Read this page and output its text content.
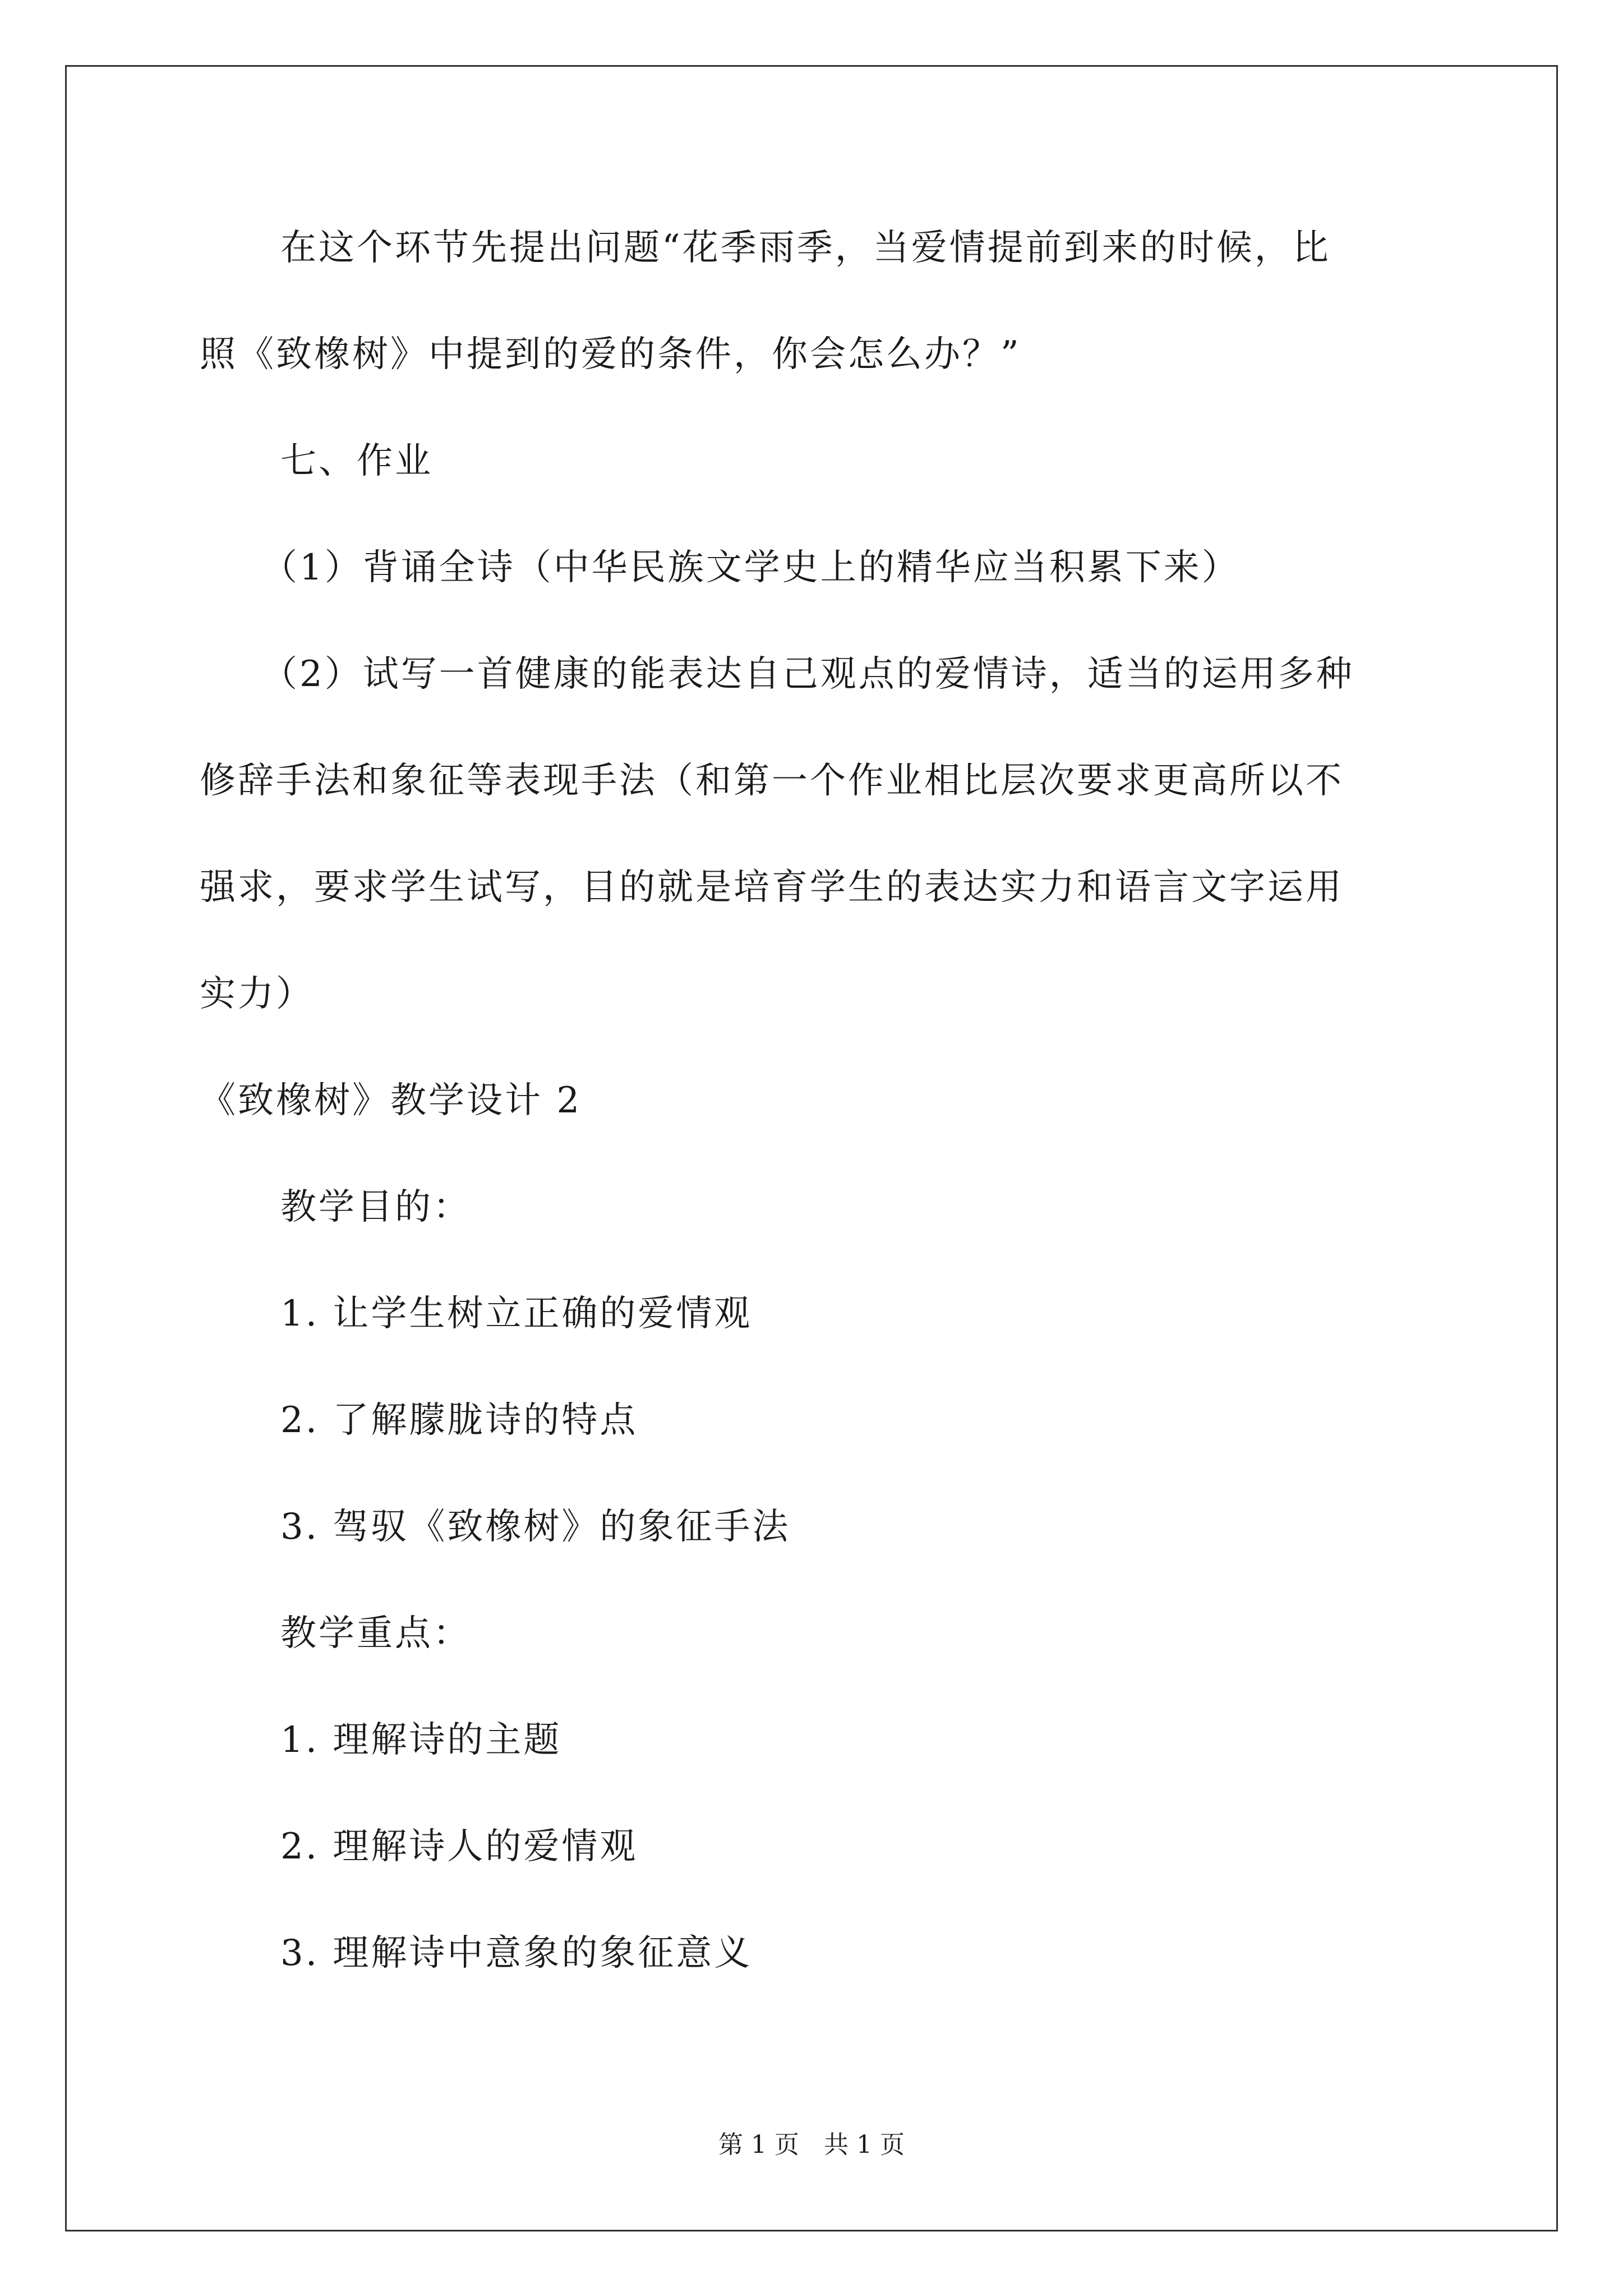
在这个环节先提出问题“花季雨季，当爱情提前到来的时候，比
照《致橡树》中提到的爱的条件，你会怎么办？”
七、作业
（1）背诵全诗（中华民族文学史上的精华应当积累下来）
（2）试写一首健康的能表达自己观点的爱情诗，适当的运用多种
修辞手法和象征等表现手法（和第一个作业相比层次要求更高所以不
强求，要求学生试写，目的就是培育学生的表达实力和语言文字运用
实力）
《致橡树》教学设计 2
教学目的：
1. 让学生树立正确的爱情观
2. 了解朦胧诗的特点
3. 驾驭《致橡树》的象征手法
教学重点：
1. 理解诗的主题
2. 理解诗人的爱情观
3. 理解诗中意象的象征意义
第 1 页　共 1 页
